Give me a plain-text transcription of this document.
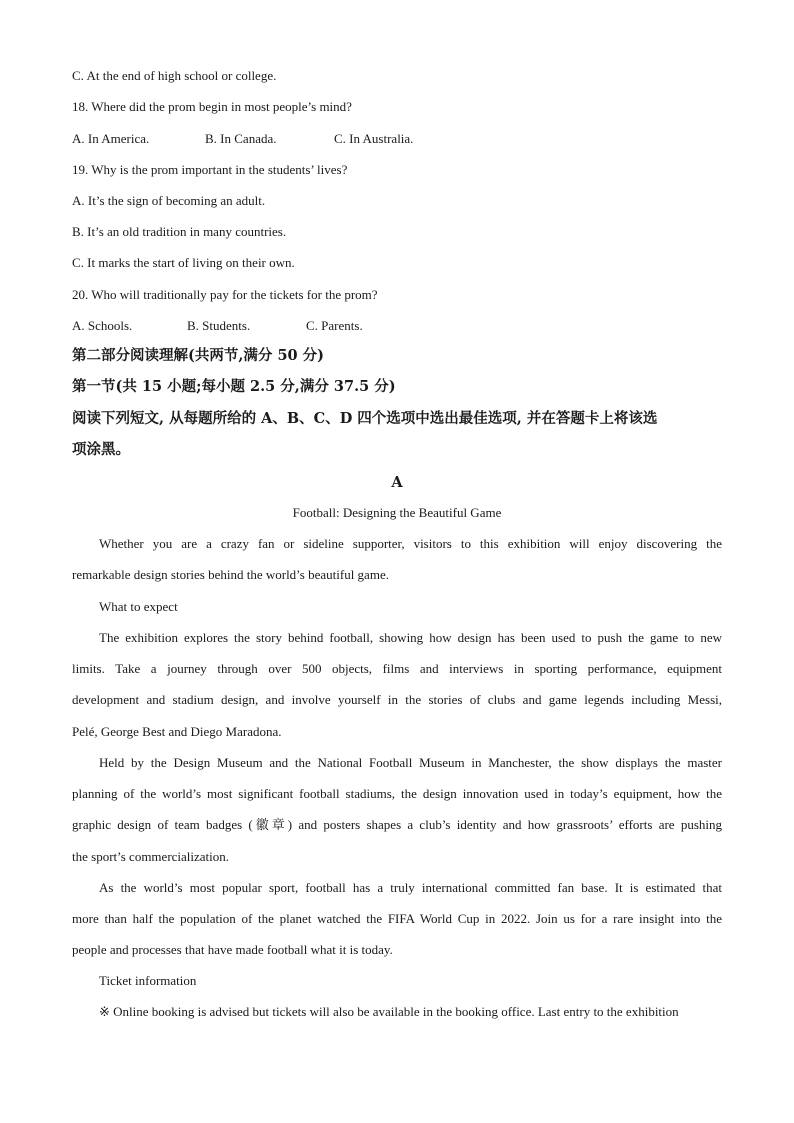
C. At the end of high school or college.
18. Where did the prom begin in most people’s mind?
A. In America.	B. In Canada.	C. In Australia.
19. Why is the prom important in the students’ lives?
A. It’s the sign of becoming an adult.
B. It’s an old tradition in many countries.
C. It marks the start of living on their own.
20. Who will traditionally pay for the tickets for the prom?
A. Schools.	B. Students.	C. Parents.
第二部分阅读理解(共两节,满分 50 分)
第一节(共 15 小题;每小题 2.5 分,满分 37.5 分)
阅读下列短文, 从每题所给的 A、B、C、D 四个选项中选出最佳选项, 并在答题卡上将该选
项涂黑。
A
Football: Designing the Beautiful Game
Whether you are a crazy fan or sideline supporter, visitors to this exhibition will enjoy discovering the
remarkable design stories behind the world’s beautiful game.
What to expect
The exhibition explores the story behind football, showing how design has been used to push the game to new
limits. Take a journey through over 500 objects, films and interviews in sporting performance, equipment
development and stadium design, and involve yourself in the stories of clubs and game legends including Messi,
Pelé, George Best and Diego Maradona.
Held by the Design Museum and the National Football Museum in Manchester, the show displays the master
planning of the world’s most significant football stadiums, the design innovation used in today’s equipment, how the
graphic design of team badges (徽章) and posters shapes a club’s identity and how grassroots’ efforts are pushing
the sport’s commercialization.
As the world’s most popular sport, football has a truly international committed fan base. It is estimated that
more than half the population of the planet watched the FIFA World Cup in 2022. Join us for a rare insight into the
people and processes that have made football what it is today.
Ticket information
※ Online booking is advised but tickets will also be available in the booking office. Last entry to the exhibition
